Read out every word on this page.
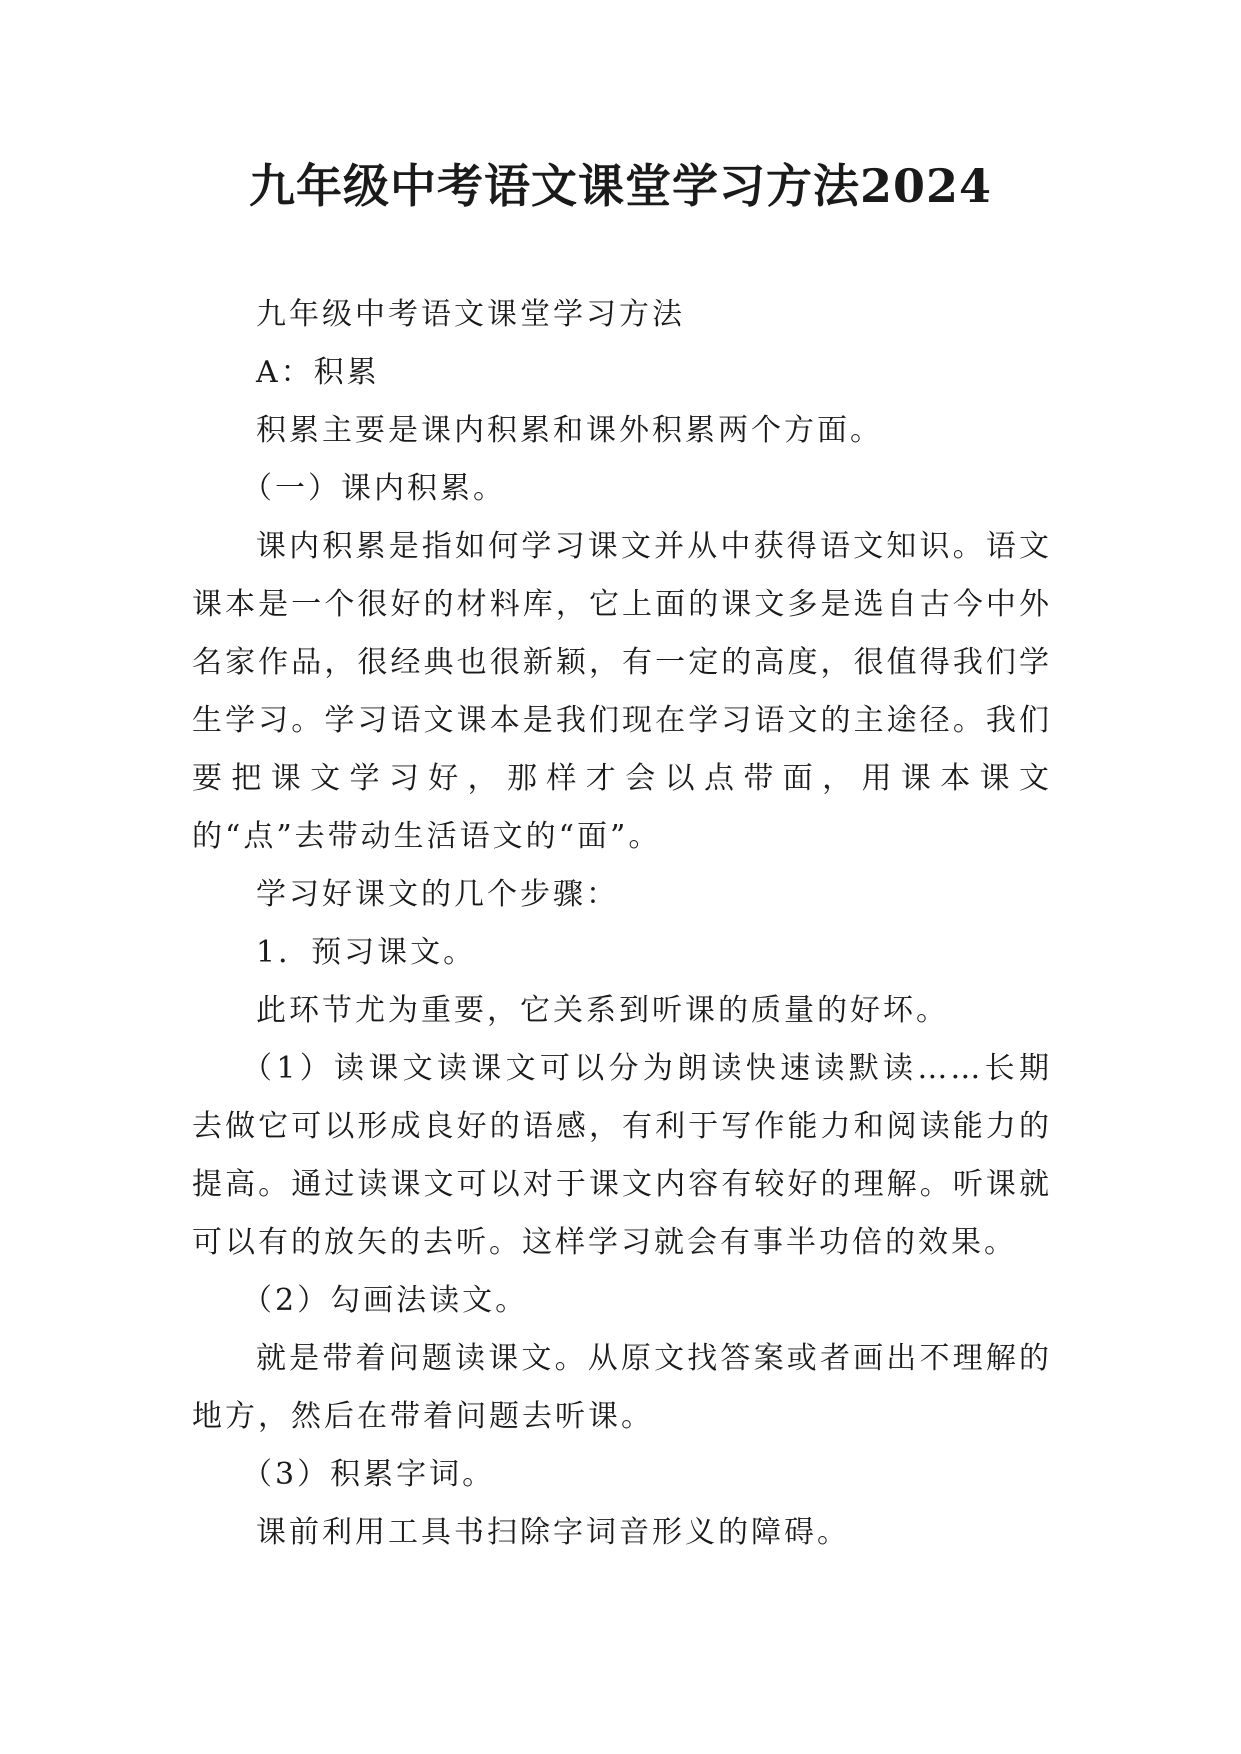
九年级中考语文课堂学习方法2024

九年级中考语文课堂学习方法

A：积累

积累主要是课内积累和课外积累两个方面。

（一）课内积累。

课内积累是指如何学习课文并从中获得语文知识。语文课本是一个很好的材料库，它上面的课文多是选自古今中外名家作品，很经典也很新颖，有一定的高度，很值得我们学生学习。学习语文课本是我们现在学习语文的主途径。我们要把课文学习好，那样才会以点带面，用课本课文的“点”去带动生活语文的“面”。

学习好课文的几个步骤：

1．预习课文。

此环节尤为重要，它关系到听课的质量的好坏。

（1）读课文读课文可以分为朗读快速读默读……长期去做它可以形成良好的语感，有利于写作能力和阅读能力的提高。通过读课文可以对于课文内容有较好的理解。听课就可以有的放矢的去听。这样学习就会有事半功倍的效果。

（2）勾画法读文。

就是带着问题读课文。从原文找答案或者画出不理解的地方，然后在带着问题去听课。

（3）积累字词。

课前利用工具书扫除字词音形义的障碍。
